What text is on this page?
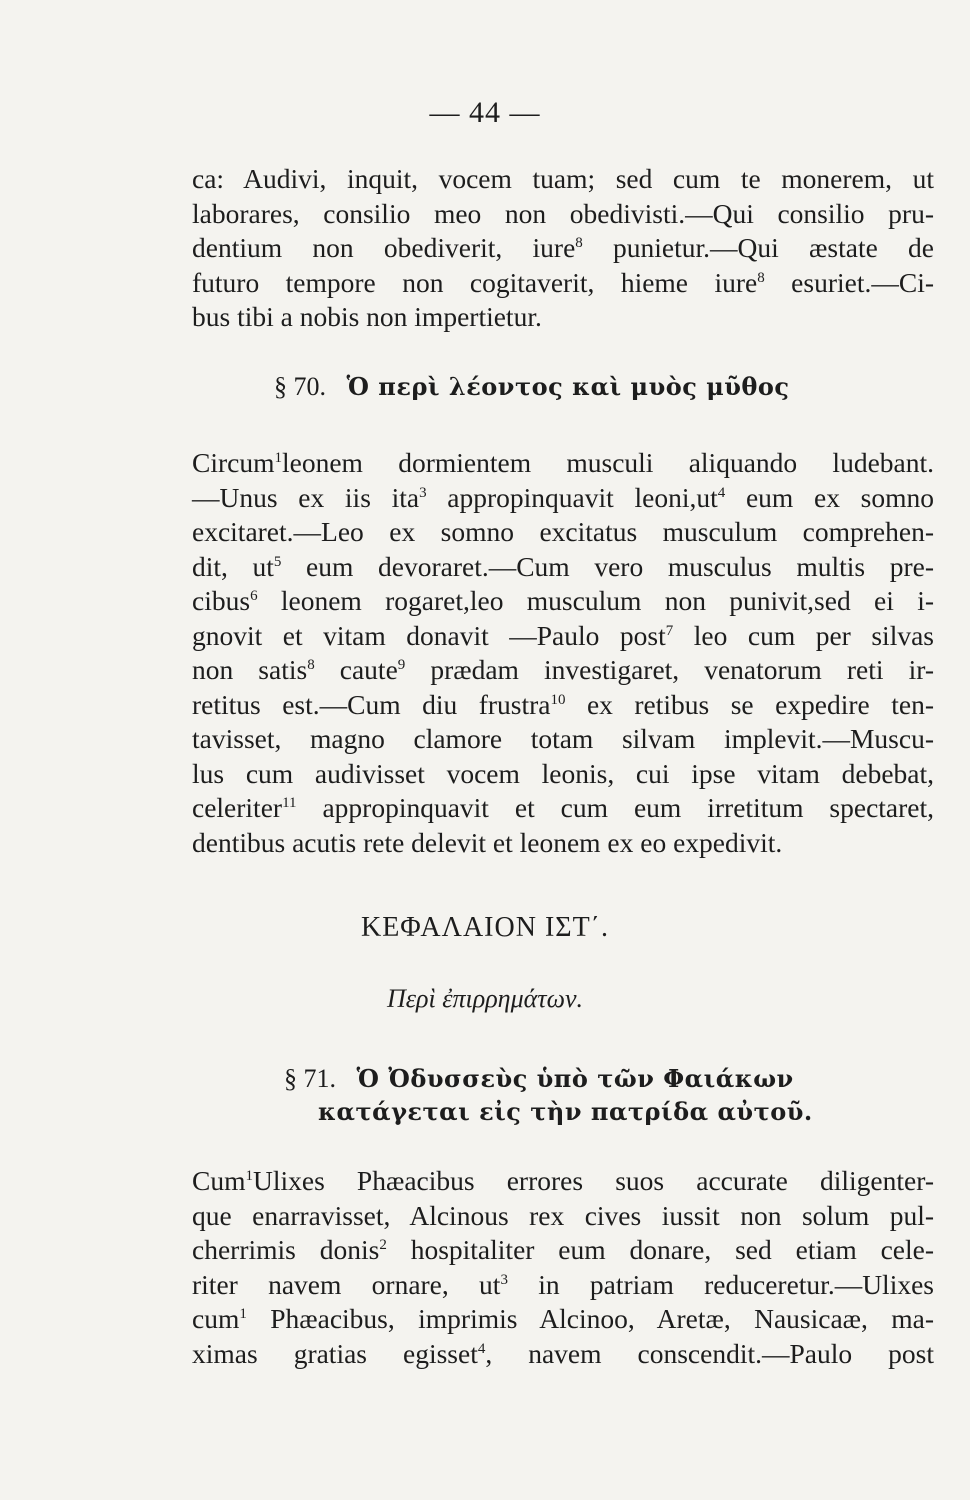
— 44 —
ca: Audivi, inquit, vocem tuam; sed cum te monerem, ut
laborares, consilio meo non obedivisti.—Qui consilio pru-
dentium non obediverit, iure$^8$ punietur.—Qui æstate de
futuro tempore non cogitaverit, hieme iure$^8$ esuriet.—Ci-
bus tibi a nobis non impertietur.
§ 70. Ὁ περὶ λέοντος καὶ μυὸς μῦθος
Circum$^1$leonem dormientem musculi aliquando ludebant.
—Unus ex iis ita$^3$ appropinquavit $leoni,ut^4$ eum ex somno
excitaret.—Leo ex somno excitatus musculum comprehen-
dit, $ut^5$ eum devoraret.—Cum vero musculus multis pre-
cibus$^6$ leonem rogaret,leo musculum non punivit,sed ei i-
gnovit et vitam donavit —Paulo post$^7$ leo cum per silvas
non satis$^8$ caute$^9$ prædam investigaret, venatorum reti ir-
retitus est.—Cum diu frustra$^{10}$ ex retibus se expedire ten-
tavisset, magno clamore totam silvam implevit.—Muscu-
lus cum audivisset vocem leonis, cui ipse vitam debebat,
celeriter$^{11}$ appropinquavit et cum eum irretitum spectaret,
dentibus acutis rete delevit et leonem ex eo expedivit.
ΚΕΦΑΛΑΙΟΝ ΙΣΤ΄.
Περὶ ἐπιρρημάτων.
§ 71. Ὁ Ὀδυσσεὺς ὑπὸ τῶν Φαιάκων
κατάγεται εἰς τὴν πατρίδα αὐτοῦ.
Cum$^1$Ulixes Phæacibus errores suos accurate diligenter-
que enarravisset, Alcinous rex cives iussit non solum pul-
cherrimis donis$^2$ hospitaliter eum donare, sed etiam cele-
riter navem ornare, $ut^3$ in patriam reduceretur.—Ulixes
cum$^1$ Phæacibus, imprimis Alcinoo, Aretæ, Nausicaæ, ma-
ximas gratias egisset$^4$, navem conscendit.—Paulo post
